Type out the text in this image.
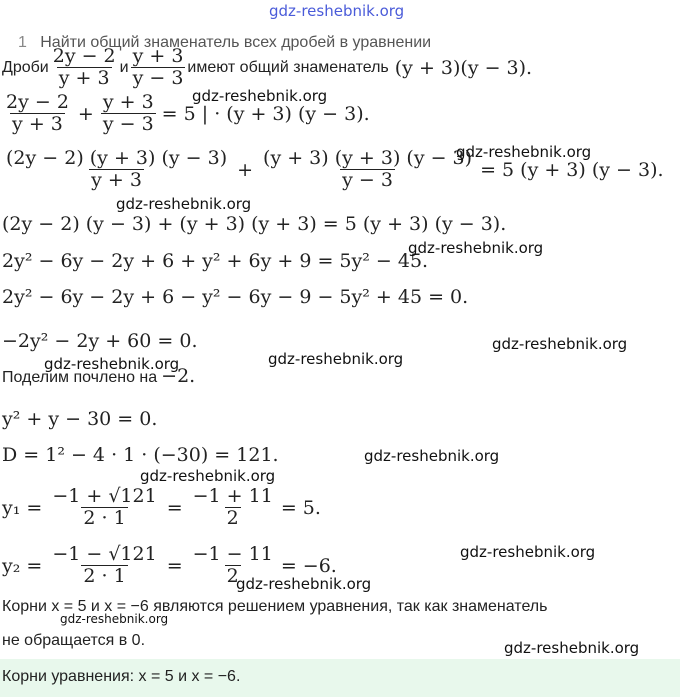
gdz-reshebnik.org
1 Найти общий знаменатель всех дробей в уравнении
Дроби $\frac{2y - 2}{y + 3}$ и $\frac{y + 3}{y - 3}$ имеют общий знаменатель (y + 3)(y − 3).
$\frac{2y - 2}{y + 3} + \frac{y + 3}{y - 3} = 5$ | · (y + 3) (y − 3).
gdz-reshebnik.org
$\frac{(2y - 2) (y + 3) (y - 3)}{y + 3} + \frac{(y + 3) (y + 3) (y - 3)}{y - 3} = 5$ (y + 3) (y − 3).
gdz-reshebnik.org
gdz-reshebnik.org
(2y − 2) (y − 3) + (y + 3) (y + 3) = 5 (y + 3) (y − 3).
2y² − 6y − 2y + 6 + y² + 6y + 9 = 5y² − 45.
gdz-reshebnik.org
2y² − 6y − 2y + 6 − y² − 6y − 9 − 5y² + 45 = 0.
−2y² − 2y + 60 = 0.	gdz-reshebnik.org
gdz-reshebnik.org
gdz-reshebnik.org
Поделим почлено на −2.
y² + y − 30 = 0.
D = 1² − 4 · 1 · (−30) = 121.	gdz-reshebnik.org
gdz-reshebnik.org
$y_1 = \frac{-1 + √121}{2 \cdot 1} = \frac{-1 + 11}{2} = 5$.
$y_2 = \frac{-1 - √121}{2 \cdot 1} = \frac{-1 - 11}{2} = -6$.
gdz-reshebnik.org
gdz-reshebnik.org
Корни x = 5 и x = −6 являются решением уравнения, так как знаменатель
gdz-reshebnik.org
не обращается в 0.	gdz-reshebnik.org
Корни уравнения: x = 5 и x = −6.
